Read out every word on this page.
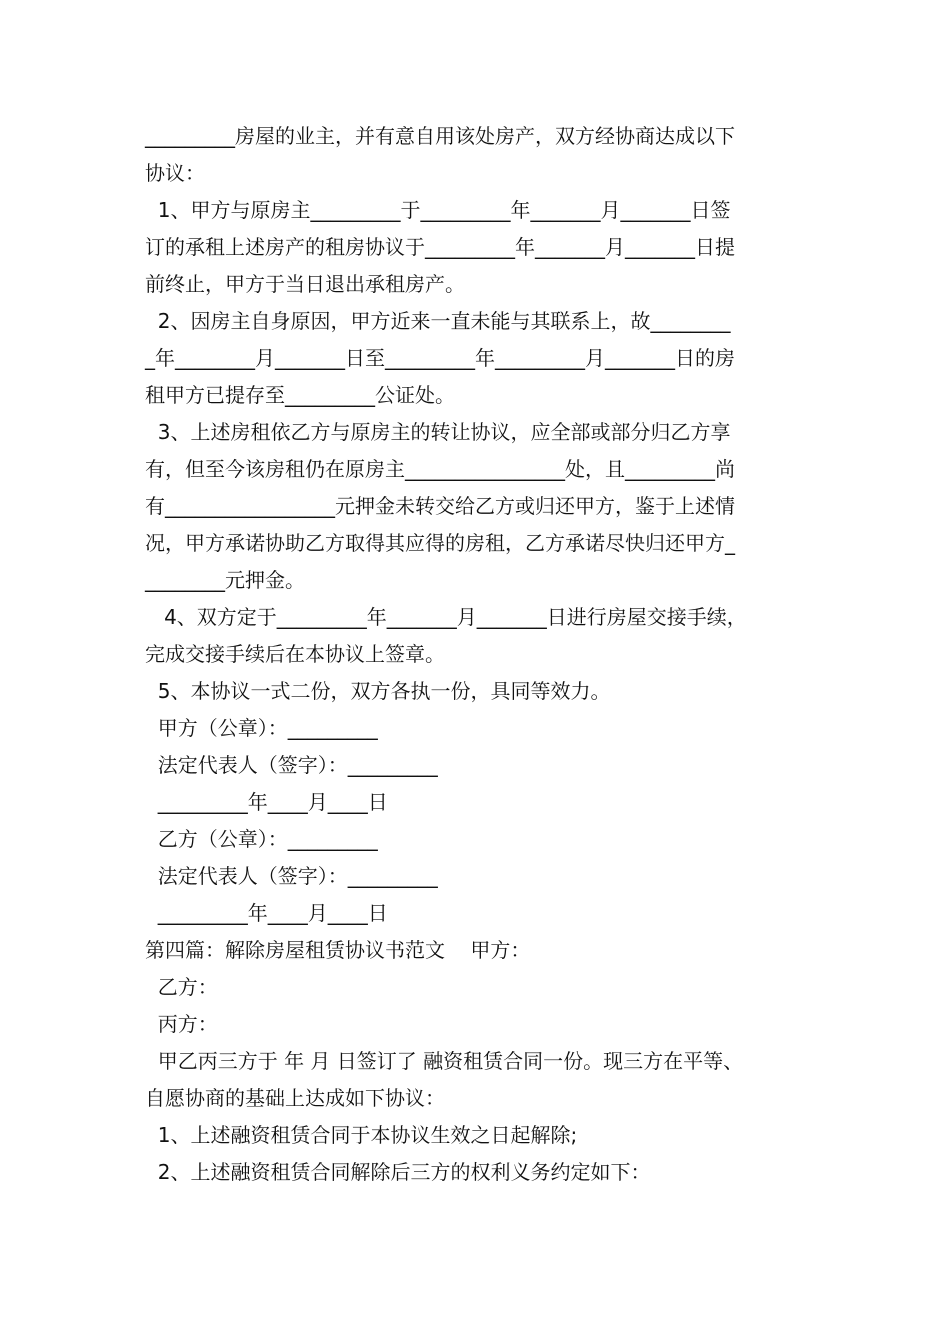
_________房屋的业主，并有意自用该处房产，双方经协商达成以下
协议：
1、甲方与原房主_________于_________年_______月_______日签
订的承租上述房产的租房协议于_________年_______月_______日提
前终止，甲方于当日退出承租房产。
2、因房主自身原因，甲方近来一直未能与其联系上，故________
_年________月_______日至_________年_________月_______日的房
租甲方已提存至_________公证处。
3、上述房租依乙方与原房主的转让协议，应全部或部分归乙方享
有，但至今该房租仍在原房主________________处，且_________尚
有_________________元押金未转交给乙方或归还甲方，鉴于上述情
况，甲方承诺协助乙方取得其应得的房租，乙方承诺尽快归还甲方_
________元押金。
4、双方定于_________年_______月_______日进行房屋交接手续，
完成交接手续后在本协议上签章。
5、本协议一式二份，双方各执一份，具同等效力。
甲方（公章）：_________
法定代表人（签字）：_________
_________年____月____日
乙方（公章）：_________
法定代表人（签字）：_________
_________年____月____日
第四篇：解除房屋租赁协议书范文    甲方：
乙方：
丙方：
甲乙丙三方于 年 月 日签订了 融资租赁合同一份。现三方在平等、
自愿协商的基础上达成如下协议：
1、上述融资租赁合同于本协议生效之日起解除;
2、上述融资租赁合同解除后三方的权利义务约定如下：
